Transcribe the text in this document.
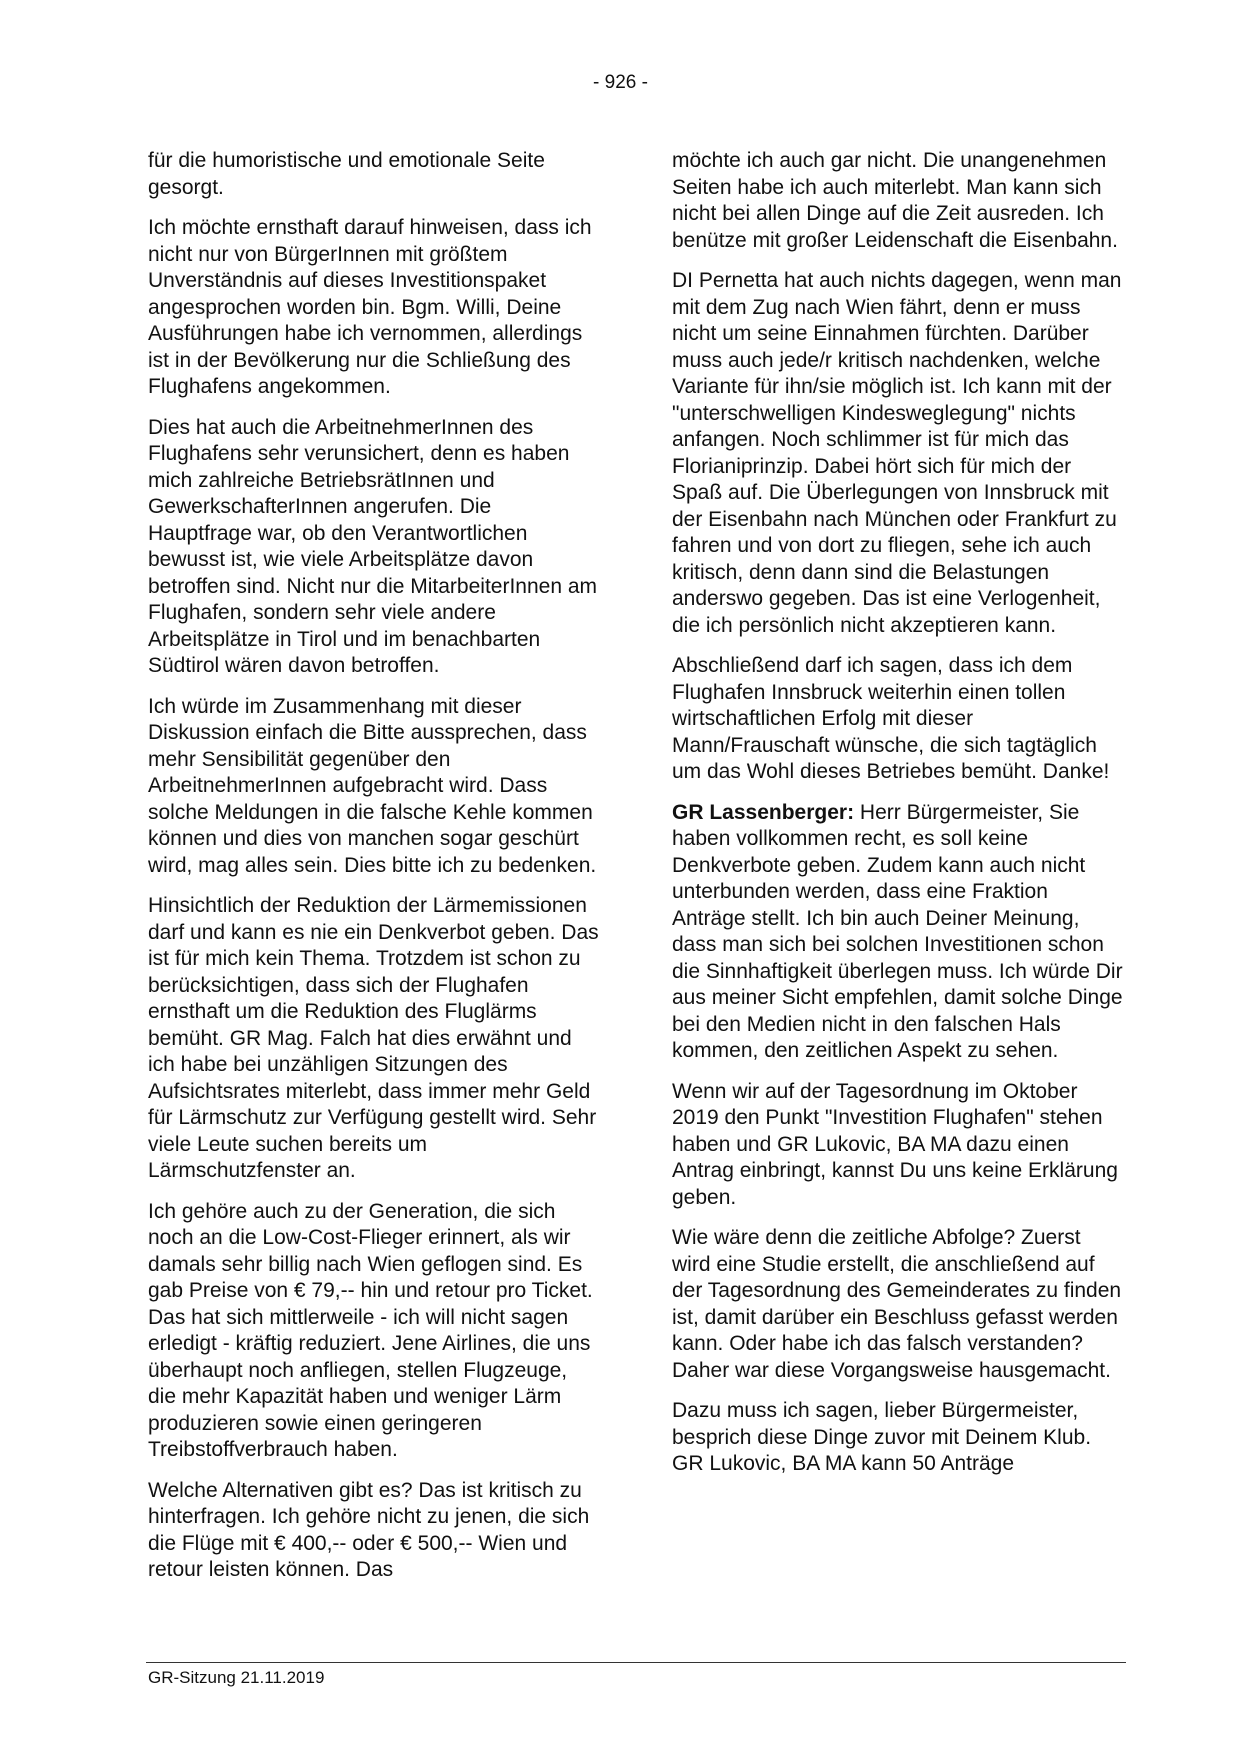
- 926 -

für die humoristische und emotionale Seite gesorgt.

Ich möchte ernsthaft darauf hinweisen, dass ich nicht nur von BürgerInnen mit größtem Unverständnis auf dieses Investitionspaket angesprochen worden bin. Bgm. Willi, Deine Ausführungen habe ich vernommen, allerdings ist in der Bevölkerung nur die Schließung des Flughafens angekommen.

Dies hat auch die ArbeitnehmerInnen des Flughafens sehr verunsichert, denn es haben mich zahlreiche BetriebsrätInnen und GewerkschafterInnen angerufen. Die Hauptfrage war, ob den Verantwortlichen bewusst ist, wie viele Arbeitsplätze davon betroffen sind. Nicht nur die MitarbeiterInnen am Flughafen, sondern sehr viele andere Arbeitsplätze in Tirol und im benachbarten Südtirol wären davon betroffen.

Ich würde im Zusammenhang mit dieser Diskussion einfach die Bitte aussprechen, dass mehr Sensibilität gegenüber den ArbeitnehmerInnen aufgebracht wird. Dass solche Meldungen in die falsche Kehle kommen können und dies von manchen sogar geschürt wird, mag alles sein. Dies bitte ich zu bedenken.

Hinsichtlich der Reduktion der Lärmemissionen darf und kann es nie ein Denkverbot geben. Das ist für mich kein Thema. Trotzdem ist schon zu berücksichtigen, dass sich der Flughafen ernsthaft um die Reduktion des Fluglärms bemüht. GR Mag. Falch hat dies erwähnt und ich habe bei unzähligen Sitzungen des Aufsichtsrates miterlebt, dass immer mehr Geld für Lärmschutz zur Verfügung gestellt wird. Sehr viele Leute suchen bereits um Lärmschutzfenster an.

Ich gehöre auch zu der Generation, die sich noch an die Low-Cost-Flieger erinnert, als wir damals sehr billig nach Wien geflogen sind. Es gab Preise von € 79,-- hin und retour pro Ticket. Das hat sich mittlerweile - ich will nicht sagen erledigt - kräftig reduziert. Jene Airlines, die uns überhaupt noch anfliegen, stellen Flugzeuge, die mehr Kapazität haben und weniger Lärm produzieren sowie einen geringeren Treibstoffverbrauch haben.

Welche Alternativen gibt es? Das ist kritisch zu hinterfragen. Ich gehöre nicht zu jenen, die sich die Flüge mit € 400,-- oder € 500,-- Wien und retour leisten können. Das

möchte ich auch gar nicht. Die unangenehmen Seiten habe ich auch miterlebt. Man kann sich nicht bei allen Dinge auf die Zeit ausreden. Ich benütze mit großer Leidenschaft die Eisenbahn.

DI Pernetta hat auch nichts dagegen, wenn man mit dem Zug nach Wien fährt, denn er muss nicht um seine Einnahmen fürchten. Darüber muss auch jede/r kritisch nachdenken, welche Variante für ihn/sie möglich ist. Ich kann mit der "unterschwelligen Kindesweglegung" nichts anfangen. Noch schlimmer ist für mich das Florianiprinzip. Dabei hört sich für mich der Spaß auf. Die Überlegungen von Innsbruck mit der Eisenbahn nach München oder Frankfurt zu fahren und von dort zu fliegen, sehe ich auch kritisch, denn dann sind die Belastungen anderswo gegeben. Das ist eine Verlogenheit, die ich persönlich nicht akzeptieren kann.

Abschließend darf ich sagen, dass ich dem Flughafen Innsbruck weiterhin einen tollen wirtschaftlichen Erfolg mit dieser Mann/Frauschaft wünsche, die sich tagtäglich um das Wohl dieses Betriebes bemüht. Danke!

GR Lassenberger: Herr Bürgermeister, Sie haben vollkommen recht, es soll keine Denkverbote geben. Zudem kann auch nicht unterbunden werden, dass eine Fraktion Anträge stellt. Ich bin auch Deiner Meinung, dass man sich bei solchen Investitionen schon die Sinnhaftigkeit überlegen muss. Ich würde Dir aus meiner Sicht empfehlen, damit solche Dinge bei den Medien nicht in den falschen Hals kommen, den zeitlichen Aspekt zu sehen.

Wenn wir auf der Tagesordnung im Oktober 2019 den Punkt "Investition Flughafen" stehen haben und GR Lukovic, BA MA dazu einen Antrag einbringt, kannst Du uns keine Erklärung geben.

Wie wäre denn die zeitliche Abfolge? Zuerst wird eine Studie erstellt, die anschließend auf der Tagesordnung des Gemeinderates zu finden ist, damit darüber ein Beschluss gefasst werden kann. Oder habe ich das falsch verstanden? Daher war diese Vorgangsweise hausgemacht.

Dazu muss ich sagen, lieber Bürgermeister, besprich diese Dinge zuvor mit Deinem Klub. GR Lukovic, BA MA kann 50 Anträge

GR-Sitzung 21.11.2019
